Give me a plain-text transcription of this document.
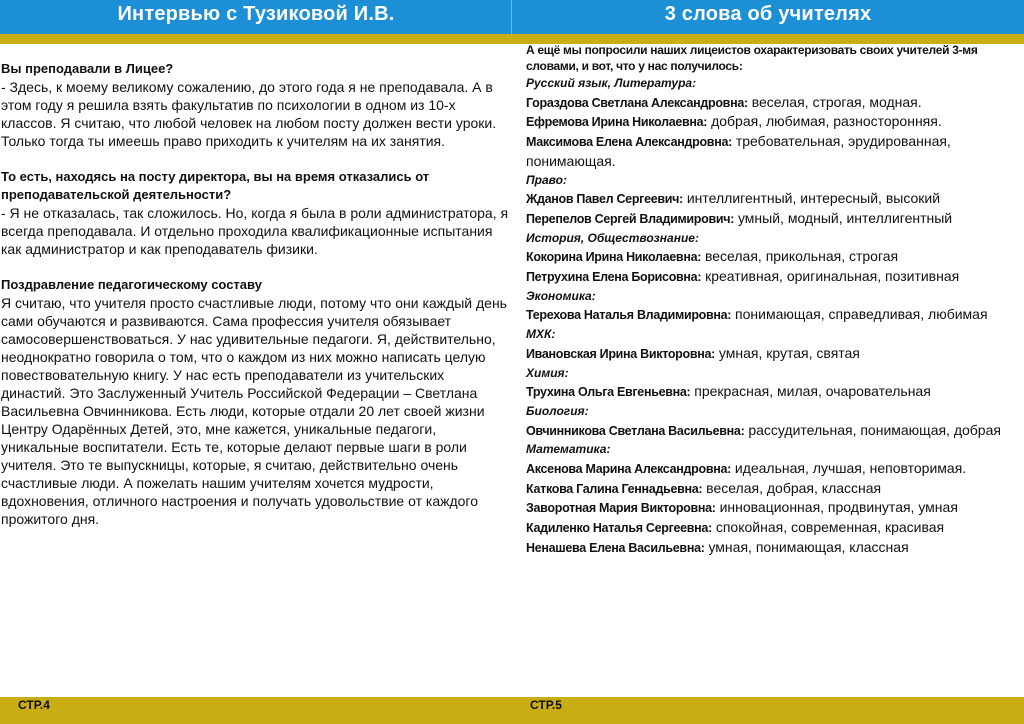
Интервью с Тузиковой И.В.
Вы преподавали в Лицее?

- Здесь, к моему великому сожалению, до этого года я не преподавала. А в этом году я решила взять факультатив по психологии в одном из 10-х классов. Я считаю, что любой человек на любом посту должен вести уроки. Только тогда ты имеешь право приходить к учителям на их занятия.

То есть, находясь на посту директора, вы на время отказались от преподавательской деятельности?

- Я не отказалась, так сложилось. Но, когда я была в роли администратора, я всегда преподавала. И отдельно проходила квалификационные испытания как администратор и как преподаватель физики.

Поздравление педагогическому составу

Я считаю, что учителя просто счастливые люди, потому что они каждый день сами обучаются и развиваются. Сама профессия учителя обязывает самосовершенствоваться. У нас удивительные педагоги. Я, действительно, неоднократно говорила о том, что о каждом из них можно написать целую повествовательную книгу. У нас есть преподаватели из учительских династий. Это Заслуженный Учитель Российской Федерации – Светлана Васильевна Овчинникова. Есть люди, которые отдали 20 лет своей жизни Центру Одарённых Детей, это, мне кажется, уникальные педагоги, уникальные воспитатели. Есть те, которые делают первые шаги в роли учителя. Это те выпускницы, которые, я считаю, действительно очень счастливые люди. А пожелать нашим учителям хочется мудрости, вдохновения, отличного настроения и получать удовольствие от каждого прожитого дня.

СТР.4
3 слова об учителях
А ещё мы попросили наших лицеистов охарактеризовать своих учителей 3-мя словами, и вот, что у нас получилось:
Русский язык, Литература:

Гораздова Светлана Александровна: веселая, строгая, модная.

Ефремова Ирина Николаевна: добрая, любимая, разносторонняя.

Максимова Елена Александровна: требовательная, эрудированная, понимающая.

Право:

Жданов Павел Сергеевич: интеллигентный, интересный, высокий

Перепелов Сергей Владимирович: умный, модный, интеллигентный

История, Обществознание:

Кокорина Ирина Николаевна: веселая, прикольная, строгая

Петрухина Елена Борисовна: креативная, оригинальная, позитивная

Экономика:

Терехова Наталья Владимировна: понимающая, справедливая, любимая

МХК:

Ивановская Ирина Викторовна: умная, крутая, святая

Химия:

Трухина Ольга Евгеньевна: прекрасная, милая, очаровательная

Биология:

Овчинникова Светлана Васильевна: рассудительная, понимающая, добрая

Математика:

Аксенова Марина Александровна: идеальная, лучшая, неповторимая.

Каткова Галина Геннадьевна: веселая, добрая, классная

Заворотная Мария Викторовна: инновационная, продвинутая, умная

Кадиленко Наталья Сергеевна: спокойная, современная, красивая

Ненашева Елена Васильевна: умная, понимающая, классная

СТР.5
